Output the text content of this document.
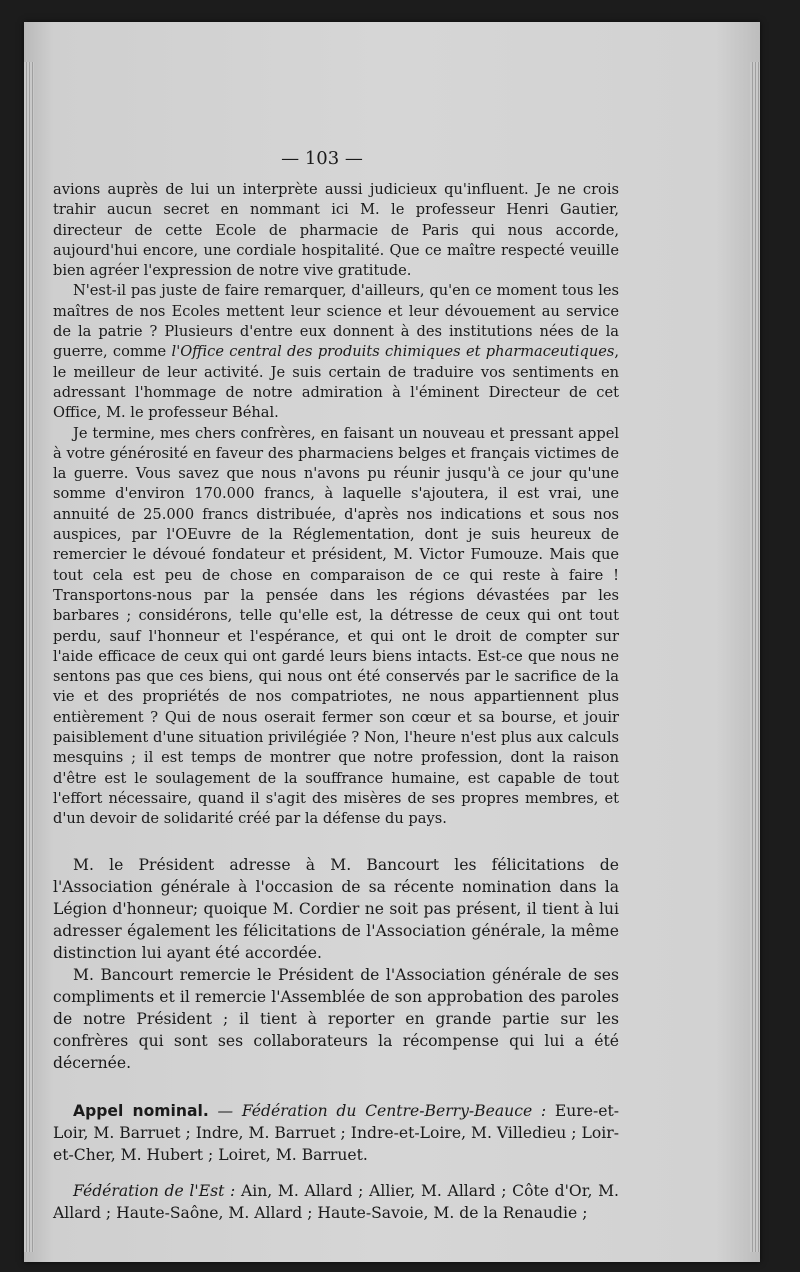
— 103 —

avions auprès de lui un interprète aussi judicieux qu'influent. Je ne crois trahir aucun secret en nommant ici M. le professeur Henri Gautier, directeur de cette Ecole de pharmacie de Paris qui nous accorde, aujourd'hui encore, une cordiale hospitalité. Que ce maître respecté veuille bien agréer l'expression de notre vive gratitude.

N'est-il pas juste de faire remarquer, d'ailleurs, qu'en ce moment tous les maîtres de nos Ecoles mettent leur science et leur dévouement au service de la patrie ? Plusieurs d'entre eux donnent à des institutions nées de la guerre, comme l'Office central des produits chimiques et pharmaceutiques, le meilleur de leur activité. Je suis certain de traduire vos sentiments en adressant l'hommage de notre admiration à l'éminent Directeur de cet Office, M. le professeur Béhal.

Je termine, mes chers confrères, en faisant un nouveau et pressant appel à votre générosité en faveur des pharmaciens belges et français victimes de la guerre. Vous savez que nous n'avons pu réunir jusqu'à ce jour qu'une somme d'environ 170.000 francs, à laquelle s'ajoutera, il est vrai, une annuité de 25.000 francs distribuée, d'après nos indications et sous nos auspices, par l'OEuvre de la Réglementation, dont je suis heureux de remercier le dévoué fondateur et président, M. Victor Fumouze. Mais que tout cela est peu de chose en comparaison de ce qui reste à faire ! Transportons-nous par la pensée dans les régions dévastées par les barbares ; considérons, telle qu'elle est, la détresse de ceux qui ont tout perdu, sauf l'honneur et l'espérance, et qui ont le droit de compter sur l'aide efficace de ceux qui ont gardé leurs biens intacts. Est-ce que nous ne sentons pas que ces biens, qui nous ont été conservés par le sacrifice de la vie et des propriétés de nos compatriotes, ne nous appartiennent plus entièrement ? Qui de nous oserait fermer son cœur et sa bourse, et jouir paisiblement d'une situation privilégiée ? Non, l'heure n'est plus aux calculs mesquins ; il est temps de montrer que notre profession, dont la raison d'être est le soulagement de la souffrance humaine, est capable de tout l'effort nécessaire, quand il s'agit des misères de ses propres membres, et d'un devoir de solidarité créé par la défense du pays.

M. le Président adresse à M. Bancourt les félicitations de l'Association générale à l'occasion de sa récente nomination dans la Légion d'honneur; quoique M. Cordier ne soit pas présent, il tient à lui adresser également les félicitations de l'Association générale, la même distinction lui ayant été accordée.

M. Bancourt remercie le Président de l'Association générale de ses compliments et il remercie l'Assemblée de son approbation des paroles de notre Président ; il tient à reporter en grande partie sur les confrères qui sont ses collaborateurs la récompense qui lui a été décernée.

Appel nominal. — Fédération du Centre-Berry-Beauce : Eure-et-Loir, M. Barruet ; Indre, M. Barruet ; Indre-et-Loire, M. Villedieu ; Loir-et-Cher, M. Hubert ; Loiret, M. Barruet.

Fédération de l'Est : Ain, M. Allard ; Allier, M. Allard ; Côte d'Or, M. Allard ; Haute-Saône, M. Allard ; Haute-Savoie, M. de la Renaudie ;
